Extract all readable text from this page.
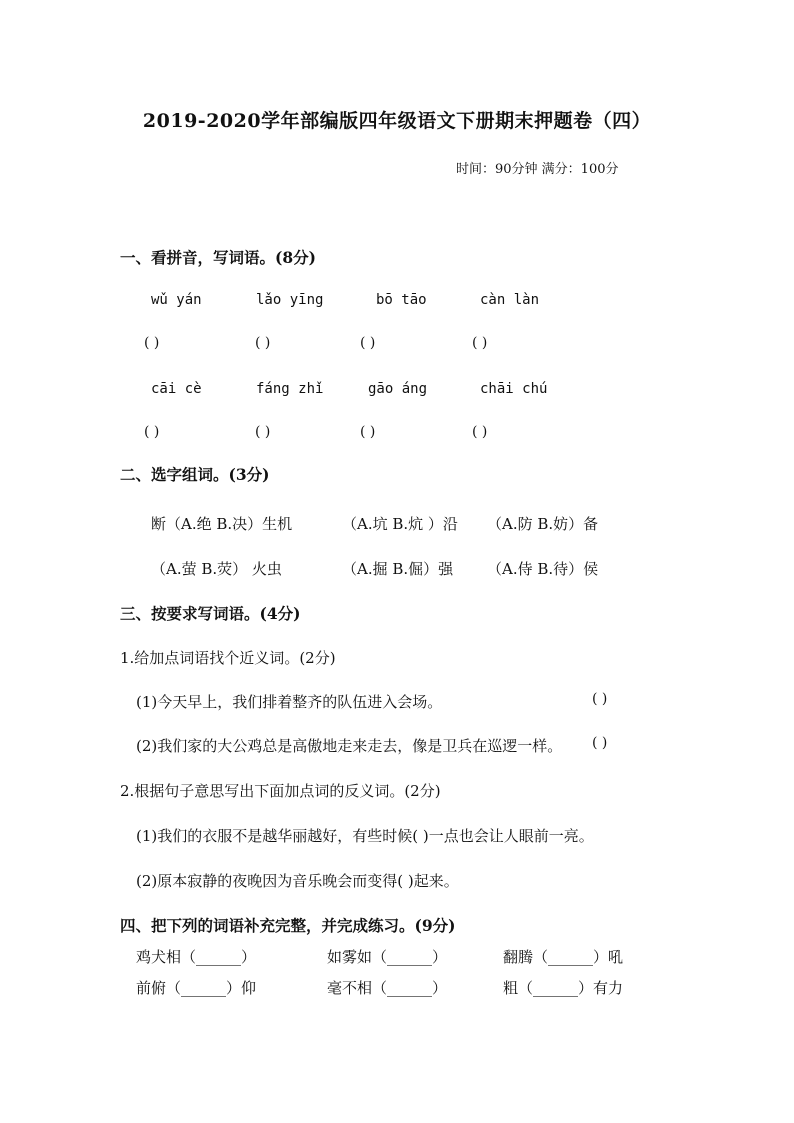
2019-2020学年部编版四年级语文下册期末押题卷（四）
时间：90分钟 满分：100分
一、看拼音，写词语。(8分)
wǔ yán	lǎo yīng	bō tāo	càn làn
( )	( )	( )	( )
cāi cè	fáng zhǐ	gāo áng	chāi chú
( )	( )	( )	( )
二、选字组词。(3分)
断（A.绝 B.决）生机	（A.坑 B.炕 ）沿 （A.防 B.妨）备
（A.萤 B.荧） 火虫	（A.掘 B.倔）强 （A.侍 B.待）侯
三、按要求写词语。(4分)
1.给加点词语找个近义词。(2分)
(1)今天早上，我们排着整齐的队伍进入会场。	( )
(2)我们家的大公鸡总是高傲地走来走去，像是卫兵在巡逻一样。 ( )
2.根据句子意思写出下面加点词的反义词。(2分)
(1)我们的衣服不是越华丽越好，有些时候( )一点也会让人眼前一亮。
(2)原本寂静的夜晚因为音乐晚会而变得( )起来。
四、把下列的词语补充完整，并完成练习。(9分)
鸡犬相（______）	如雾如（______）	翻腾（______）吼
前俯（______）仰	毫不相（______）	粗（______）有力
